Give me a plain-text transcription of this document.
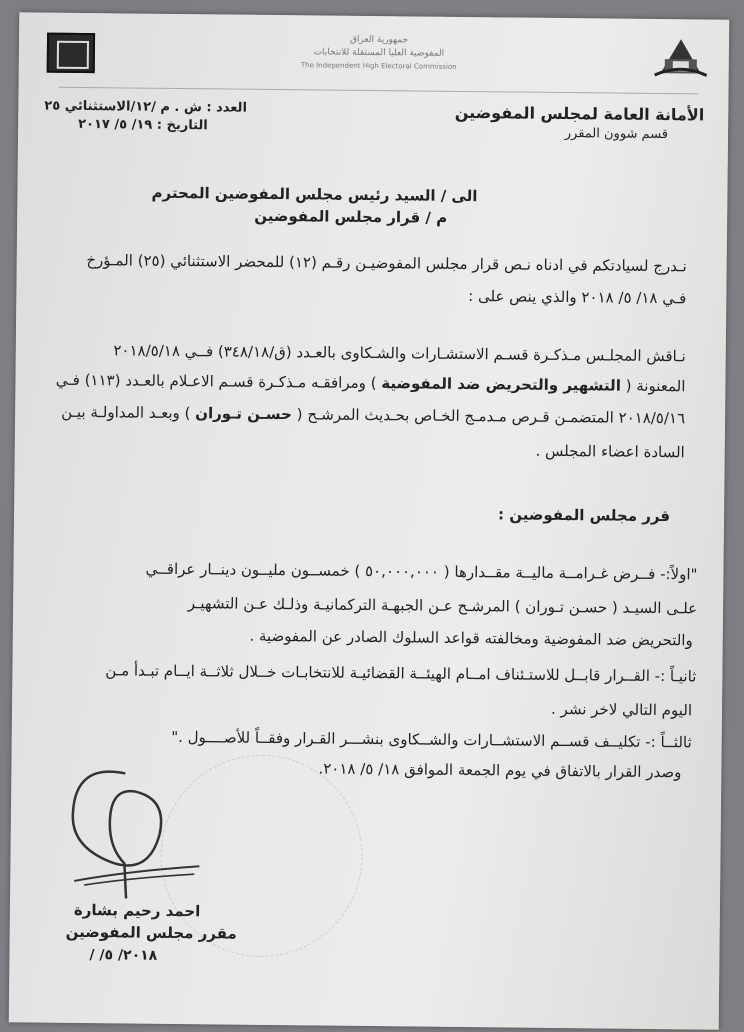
جمهورية العراق
المفوضية العليا المستقلة للانتخابات
The Independent High Electoral Commission
الأمانة العامة لمجلس المفوضين
قسم شوون المقرر
العدد : ش . م /١٢/الاستثنائي ٢٥
التاريخ : ١٩/ ٥/ ٢٠١٧
الى / السيد رئيس مجلس المفوضين المحترم
م / قرار مجلس المفوضين
نـدرج لسيادتكم في ادناه نـص قرار مجلس المفوضيـن رقـم (١٢) للمحضر الاستثنائي (٢٥) المـؤرخ
فـي ١٨/ ٥/ ٢٠١٨ والذي ينص على :
نـاقش المجلـس مـذكـرة قسـم الاستشـارات والشـكاوى بالعـدد (ق/٣٤٨/١٨) فــي ٢٠١٨/٥/١٨
المعنونة ( التشهير والتحريض ضد المفوضية ) ومرافقـه مـذكـرة قسـم الاعـلام بالعـدد (١١٣) فـي
٢٠١٨/٥/١٦ المتضمـن قـرص مـدمـج الخـاص بحـديث المرشـح ( حسـن تـوران ) وبعـد المداولـة بيـن
السادة اعضاء المجلس .
قرر مجلس المفوضين :
"اولاً:- فــرض غـرامــة ماليــة مقــدارها ( ٥٠,٠٠٠,٠٠٠ ) خمســون مليــون دينــار عراقــي
علـى السيـد ( حسـن تـوران ) المرشـح عـن الجبهـة التركمانيـة وذلـك عـن التشهيـر
والتحريض ضد المفوضية ومخالفته قواعد السلوك الصادر عن المفوضية .
ثانيـاً :- القــرار قابــل للاستـئناف امــام الهيئــة القضائيـة للانتخابـات خــلال ثلاثــة ايــام تبـدأ مـن
اليوم التالي لاخر نشر .
ثالثــاً :- تكليــف قســم الاستشــارات والشــكاوى بنشـــر القـرار وفقــاً للأصــــول ."
وصدر القرار بالاتفاق في يوم الجمعة الموافق ١٨/ ٥/ ٢٠١٨.
احمد رحيم بشارة
مقرر مجلس المفوضين
٢٠١٨/ ٥/ /
